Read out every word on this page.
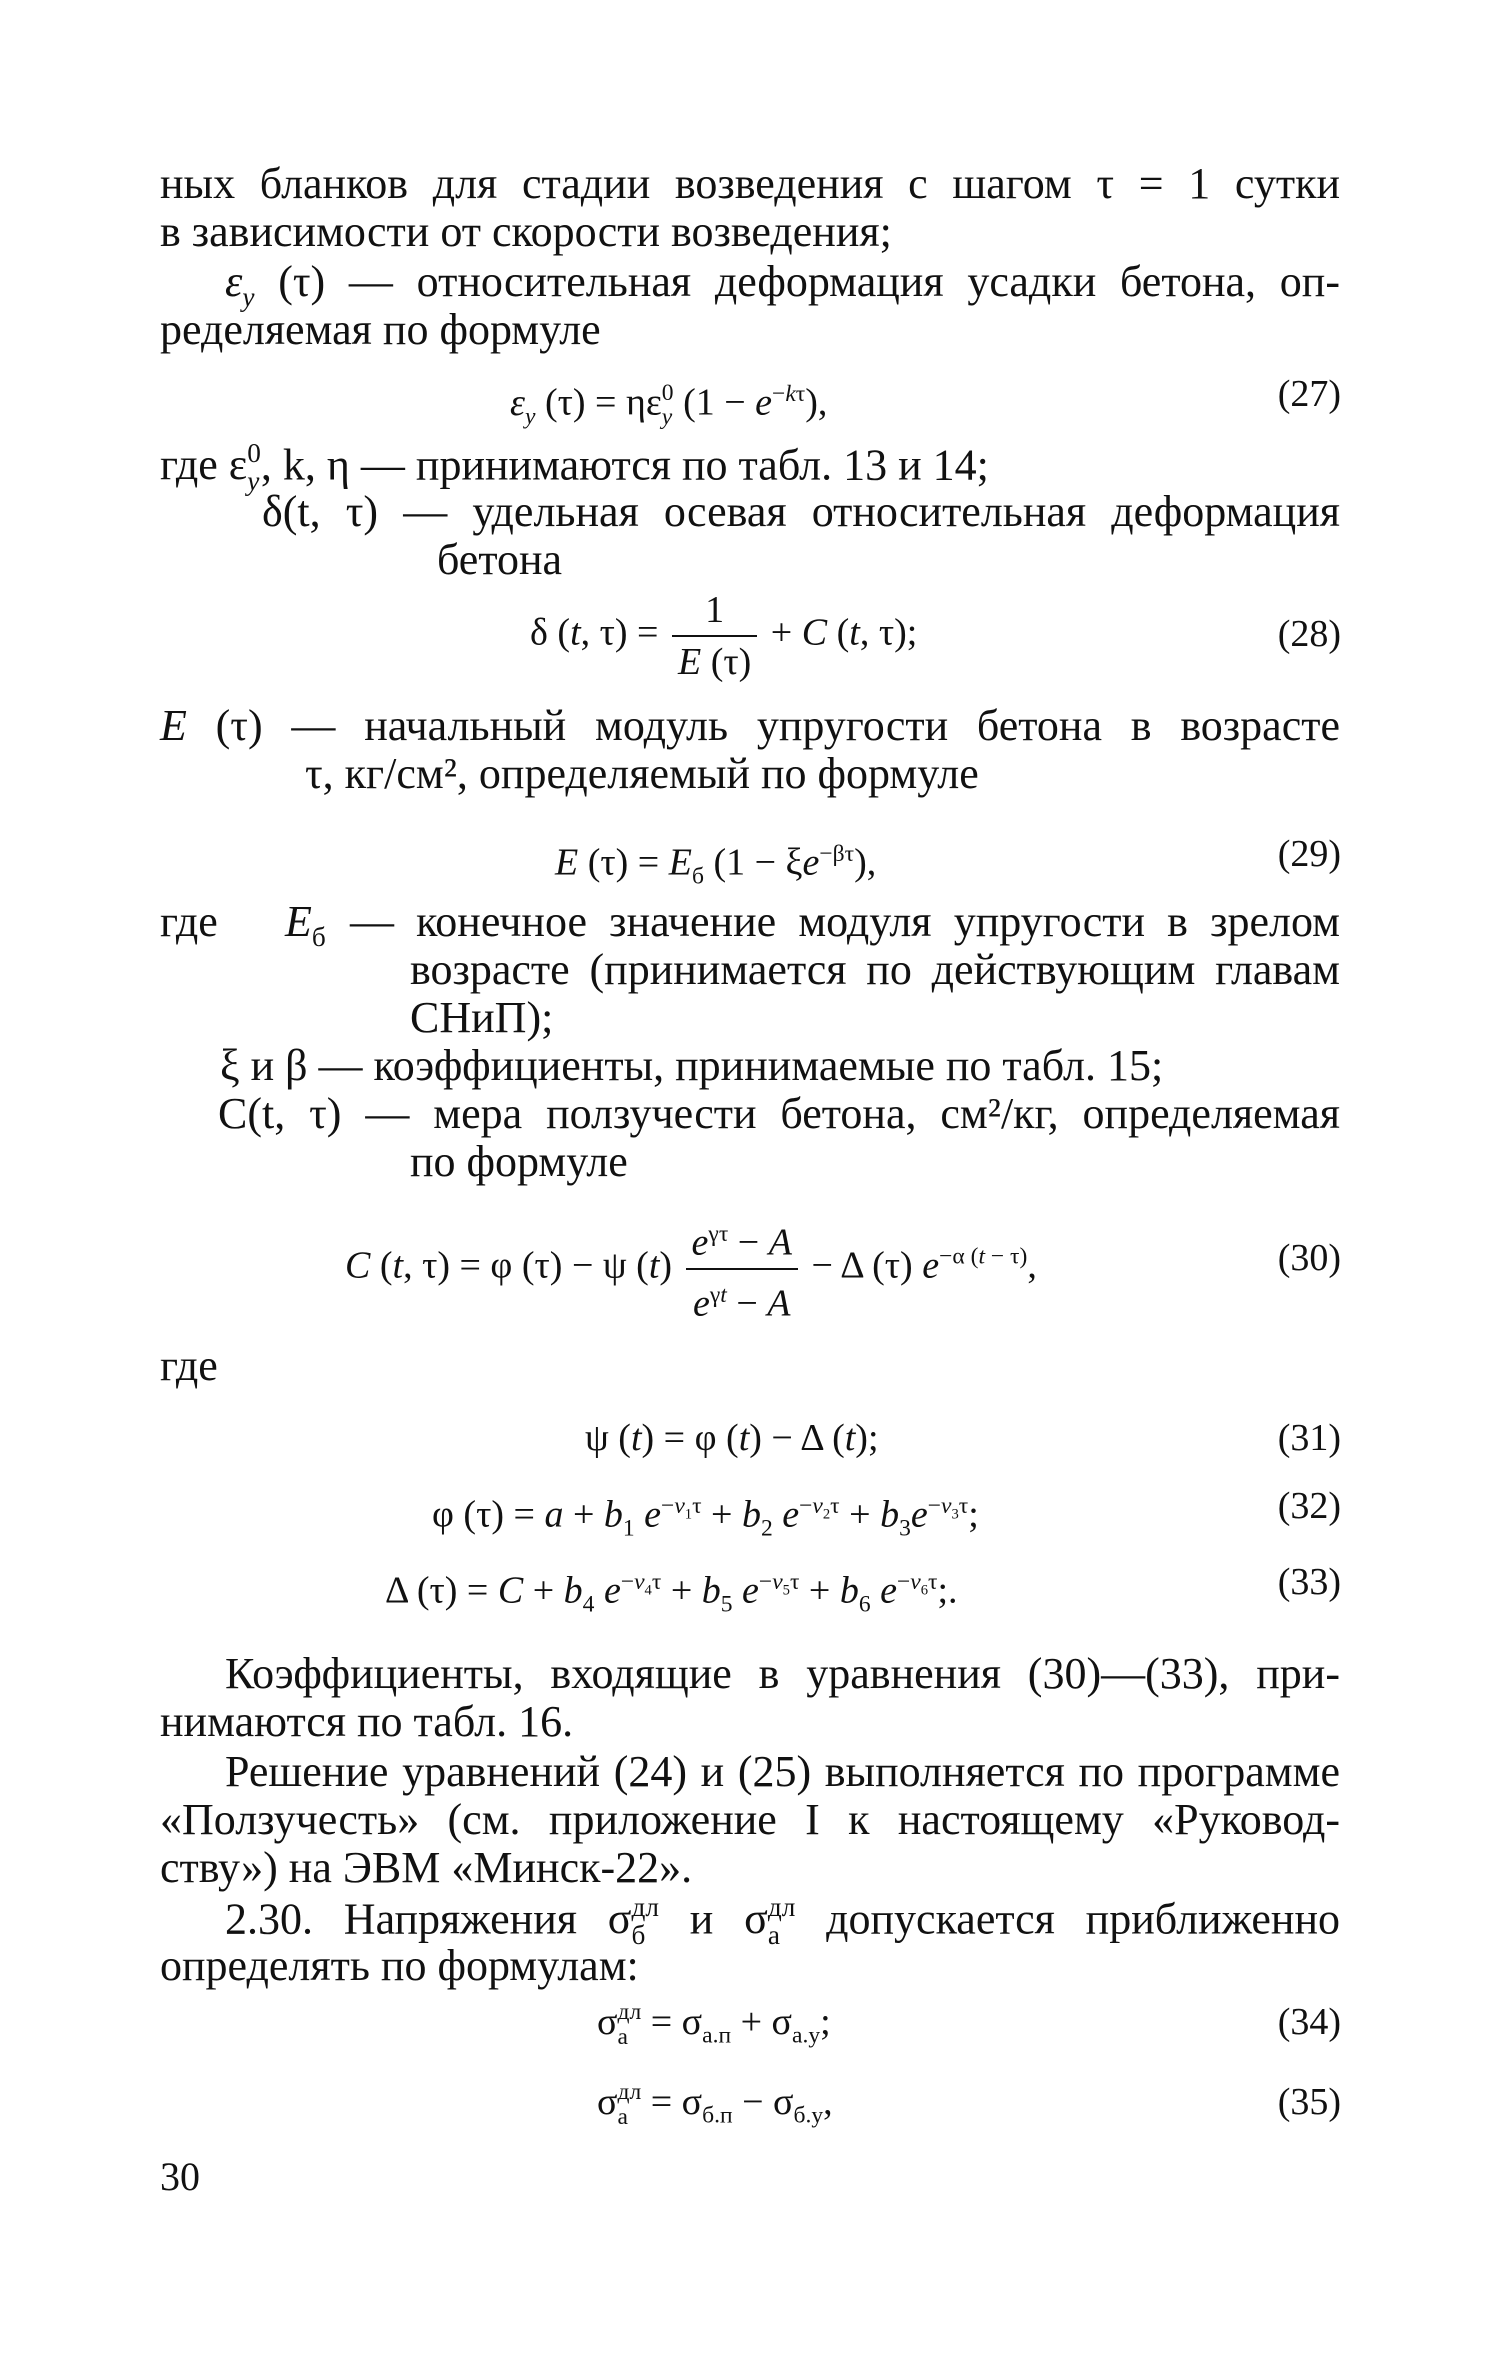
ных бланков для стадии возведения с шагом τ = 1 сутки
в зависимости от скорости возведения;
$\varepsilon_y$ (τ) — относительная деформация усадки бетона, оп-
ределяемая по формуле
$\varepsilon_y$ (τ) = ηε 0
y $(1 - e^{-k\tau})$,	(27)
где ε 0
y , k, η — принимаются по табл. 13 и 14;
δ(t, τ) — удельная осевая относительная деформация
бетона
δ (t, $\tau) = \frac{1}{E (\tau)} + C$ (t, τ);	(28)
E (τ) — начальный модуль упругости бетона в возрасте
τ, кг/см², определяемый по формуле
E $(\tau) = E_б$ $(1 - \xi e^{-\beta\tau})$,	(29)
где $E_б$ — конечное значение модуля упругости в зрелом
возрасте (принимается по действующим главам
СНиП);
ξ и β — коэффициенты, принимаемые по табл. 15;
C(t, τ) — мера ползучести бетона, см²/кг, определяемая
по формуле
C (t, τ) = φ (τ) − ψ $(t) \frac{e^{\gamma\tau} - A}{e^{\gamma t} - A} - \Delta$ (τ) $e^{-\alpha (t - \tau)}$,	(30)
где
ψ (t) = φ (t) − Δ (t);	(31)
φ $(\tau) = a + b_1$ $e^{-v_1\tau} + b_2$ $e^{-v_2\tau} + b_3e^{-v_3\tau}$;	(32)
Δ $(\tau) = C + b_4$ $e^{-v_4\tau} + b_5$ $e^{-v_5\tau} + b_6$ $e^{-v_6\tau}$;.	(33)
Коэффициенты, входящие в уравнения (30)—(33), при-
нимаются по табл. 16.
Решение уравнений (24) и (25) выполняется по программе
«Ползучесть» (см. приложение I к настоящему «Руковод-
ству») на ЭВМ «Минск-22».
2.30. Напряжения σ дл
б	и σ дл
а	допускается приближенно
определять по формулам:
σ дл
$а = \sigma_{а.п} + \sigma_{а.у}$;	(34)
σ дл
$а = \sigma_{б.п} - \sigma_{б.у}$,	(35)
30
